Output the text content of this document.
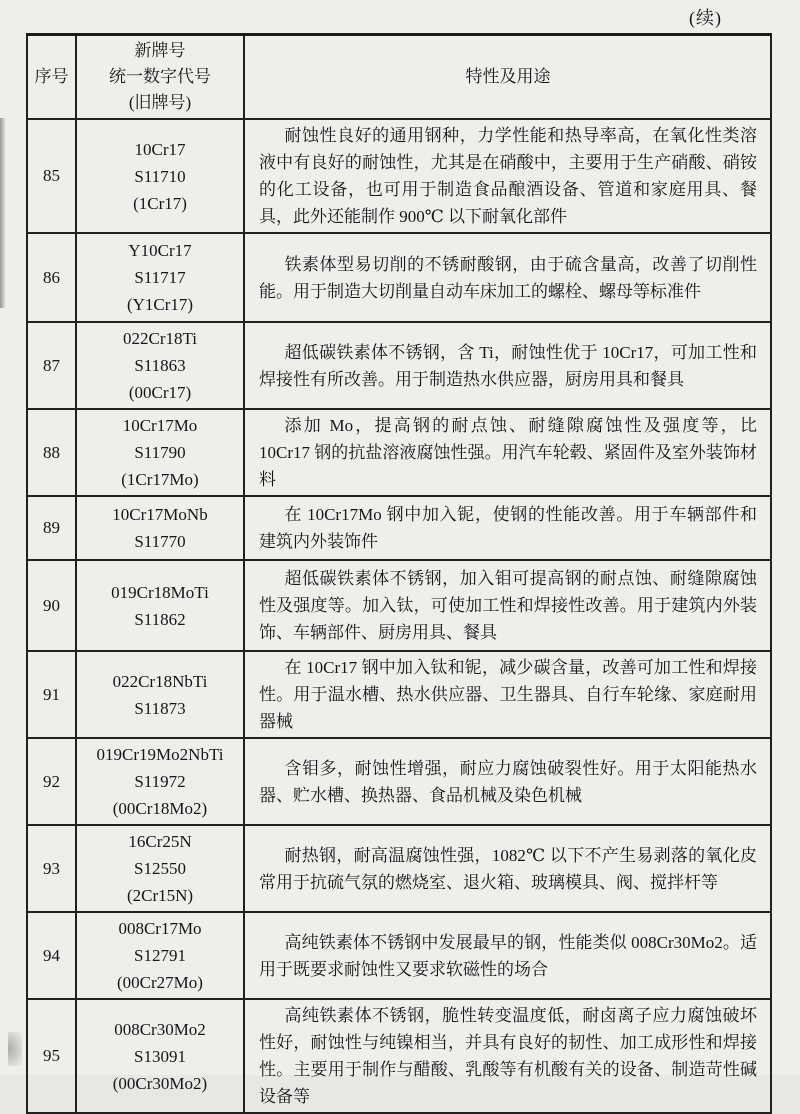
(续)
序号	新牌号
统一数字代号
(旧牌号)	特性及用途
85	10Cr17
S11710
(1Cr17)	耐蚀性良好的通用钢种，力学性能和热导率高，在氧化性类溶液中有良好的耐蚀性，尤其是在硝酸中，主要用于生产硝酸、硝铵的化工设备，也可用于制造食品酿酒设备、管道和家庭用具、餐具，此外还能制作 900℃ 以下耐氧化部件

86	Y10Cr17
S11717
(Y1Cr17)	铁素体型易切削的不锈耐酸钢，由于硫含量高，改善了切削性能。用于制造大切削量自动车床加工的螺栓、螺母等标准件

87	022Cr18Ti
S11863
(00Cr17)	超低碳铁素体不锈钢，含 Ti，耐蚀性优于 10Cr17，可加工性和焊接性有所改善。用于制造热水供应器，厨房用具和餐具

88	10Cr17Mo
S11790
(1Cr17Mo)	添加 Mo，提高钢的耐点蚀、耐缝隙腐蚀性及强度等，比 10Cr17 钢的抗盐溶液腐蚀性强。用汽车轮毂、紧固件及室外装饰材料

89	10Cr17MoNb
S11770	在 10Cr17Mo 钢中加入铌，使钢的性能改善。用于车辆部件和建筑内外装饰件

90	019Cr18MoTi
S11862	超低碳铁素体不锈钢，加入钼可提高钢的耐点蚀、耐缝隙腐蚀性及强度等。加入钛，可使加工性和焊接性改善。用于建筑内外装饰、车辆部件、厨房用具、餐具

91	022Cr18NbTi
S11873	在 10Cr17 钢中加入钛和铌，减少碳含量，改善可加工性和焊接性。用于温水槽、热水供应器、卫生器具、自行车轮缘、家庭耐用器械

92	019Cr19Mo2NbTi
S11972
(00Cr18Mo2)	含钼多，耐蚀性增强，耐应力腐蚀破裂性好。用于太阳能热水器、贮水槽、换热器、食品机械及染色机械

93	16Cr25N
S12550
(2Cr15N)	耐热钢，耐高温腐蚀性强，1082℃ 以下不产生易剥落的氧化皮常用于抗硫气氛的燃烧室、退火箱、玻璃模具、阀、搅拌杆等

94	008Cr17Mo
S12791
(00Cr27Mo)	高纯铁素体不锈钢中发展最早的钢，性能类似 008Cr30Mo2。适用于既要求耐蚀性又要求软磁性的场合

95	008Cr30Mo2
S13091
(00Cr30Mo2)	高纯铁素体不锈钢，脆性转变温度低，耐卤离子应力腐蚀破坏性好，耐蚀性与纯镍相当，并具有良好的韧性、加工成形性和焊接性。主要用于制作与醋酸、乳酸等有机酸有关的设备、制造苛性碱设备等
